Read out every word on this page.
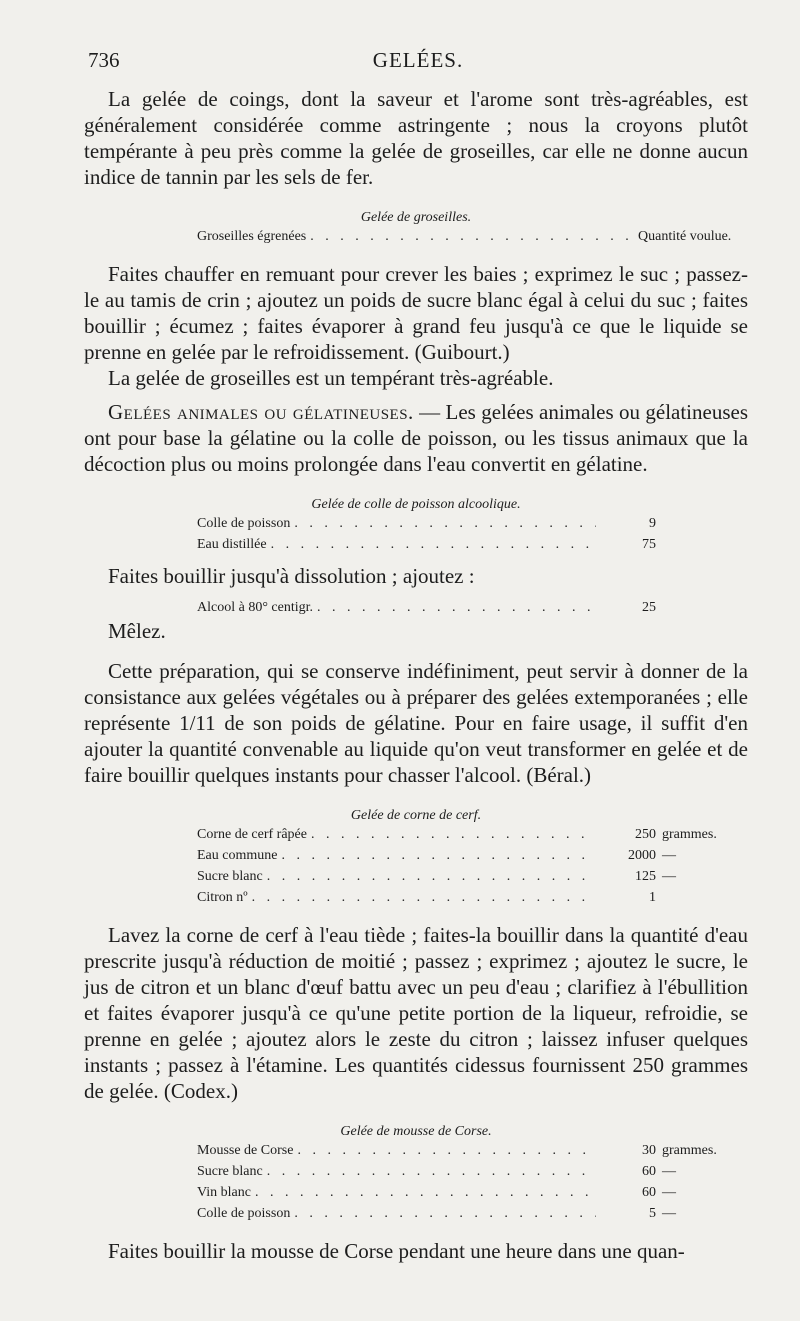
736	GELÉES.

La gelée de coings, dont la saveur et l'arome sont très-agréables, est généralement considérée comme astringente ; nous la croyons plutôt tempérante à peu près comme la gelée de groseilles, car elle ne donne aucun indice de tannin par les sels de fer.

Gelée de groseilles.

Groseilles égrenées . . .	Quantité voulue.

Faites chauffer en remuant pour crever les baies ; exprimez le suc ; passez-le au tamis de crin ; ajoutez un poids de sucre blanc égal à celui du suc ; faites bouillir ; écumez ; faites évaporer à grand feu jusqu'à ce que le liquide se prenne en gelée par le refroidissement. (Guibourt.)

La gelée de groseilles est un tempérant très-agréable.

Gelées animales ou gélatineuses. — Les gelées animales ou gélatineuses ont pour base la gélatine ou la colle de poisson, ou les tissus animaux que la décoction plus ou moins prolongée dans l'eau convertit en gélatine.

Gelée de colle de poisson alcoolique.

Colle de poisson . . .	9
Eau distillée . . .	75

Faites bouillir jusqu'à dissolution ; ajoutez :

Alcool à 80° centigr. . . .	25

Mêlez.

Cette préparation, qui se conserve indéfiniment, peut servir à donner de la consistance aux gelées végétales ou à préparer des gelées extemporanées ; elle représente 1/11 de son poids de gélatine. Pour en faire usage, il suffit d'en ajouter la quantité convenable au liquide qu'on veut transformer en gelée et de faire bouillir quelques instants pour chasser l'alcool. (Béral.)

Gelée de corne de cerf.

Corne de cerf râpée . . .	250 grammes.
Eau commune . . .	2000 —
Sucre blanc . . .	125 —
Citron nº . . .	1

Lavez la corne de cerf à l'eau tiède ; faites-la bouillir dans la quantité d'eau prescrite jusqu'à réduction de moitié ; passez ; exprimez ; ajoutez le sucre, le jus de citron et un blanc d'œuf battu avec un peu d'eau ; clarifiez à l'ébullition et faites évaporer jusqu'à ce qu'une petite portion de la liqueur, refroidie, se prenne en gelée ; ajoutez alors le zeste du citron ; laissez infuser quelques instants ; passez à l'étamine. Les quantités cidessus fournissent 250 grammes de gelée. (Codex.)

Gelée de mousse de Corse.

Mousse de Corse . . .	30 grammes.
Sucre blanc . . .	60 —
Vin blanc . . .	60 —
Colle de poisson . . .	5 —

Faites bouillir la mousse de Corse pendant une heure dans une quan-
